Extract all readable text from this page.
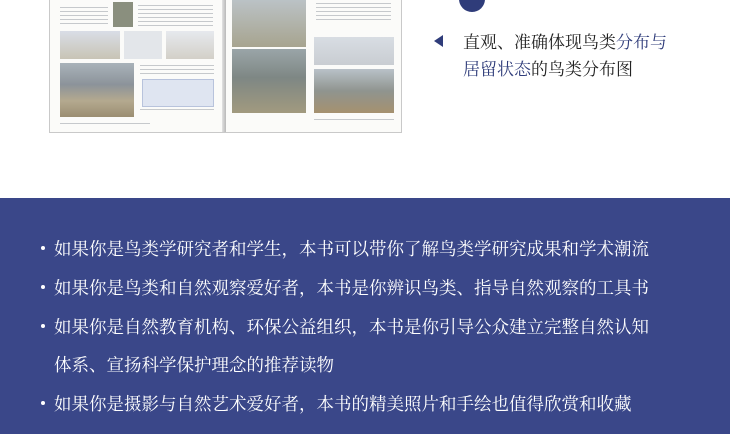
直观、准确体现鸟类分布与
居留状态的鸟类分布图
如果你是鸟类学研究者和学生，本书可以带你了解鸟类学研究成果和学术潮流
如果你是鸟类和自然观察爱好者，本书是你辨识鸟类、指导自然观察的工具书
如果你是自然教育机构、环保公益组织，本书是你引导公众建立完整自然认知
体系、宣扬科学保护理念的推荐读物
如果你是摄影与自然艺术爱好者，本书的精美照片和手绘也值得欣赏和收藏
